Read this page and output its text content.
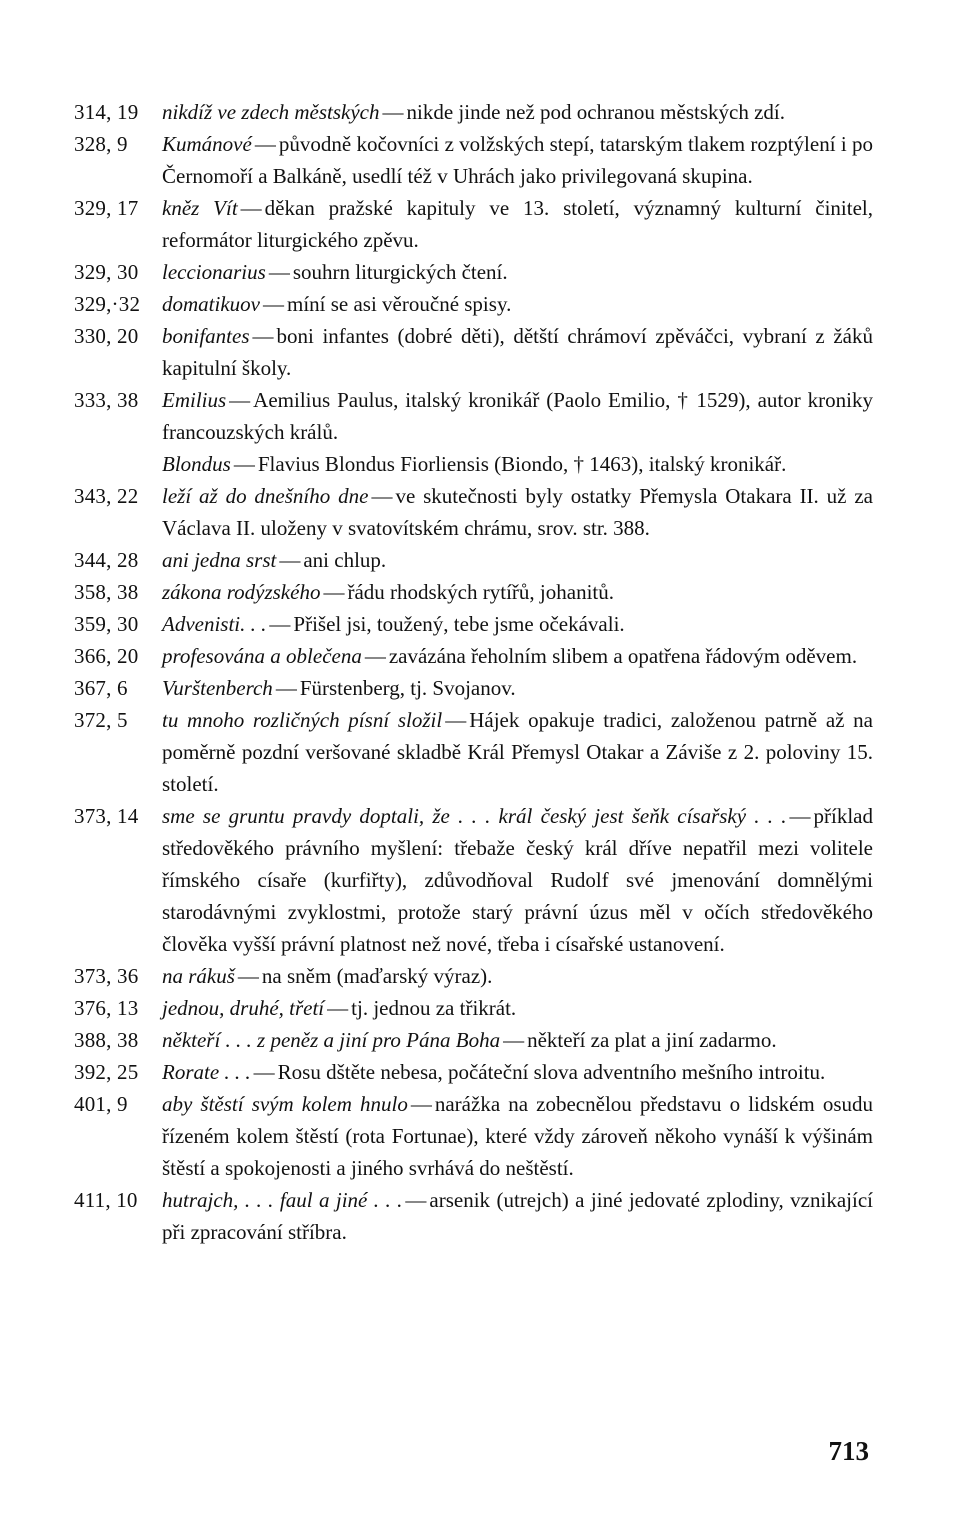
314, 19	nikdíž ve zdech městských — nikde jinde než pod ochranou městských zdí.
328, 9	Kumánové — původně kočovníci z volžských stepí, tatarským tlakem rozptýlení i po Černomoří a Balkáně, usedlí též v Uhrách jako privilegovaná skupina.
329, 17	kněz Vít — děkan pražské kapituly ve 13. století, významný kulturní činitel, reformátor liturgického zpěvu.
329, 30	leccionarius — souhrn liturgických čtení.
329,·32	domatikuov — míní se asi věroučné spisy.
330, 20	bonifantes — boni infantes (dobré děti), dětští chrámoví zpěváčci, vybraní z žáků kapitulní školy.
333, 38	Emilius — Aemilius Paulus, italský kronikář (Paolo Emilio, † 1529), autor kroniky francouzských králů.
Blondus — Flavius Blondus Fiorliensis (Biondo, † 1463), italský kronikář.
343, 22	leží až do dnešního dne — ve skutečnosti byly ostatky Přemysla Otakara II. už za Václava II. uloženy v svatovítském chrámu, srov. str. 388.
344, 28	ani jedna srst — ani chlup.
358, 38	zákona rodýzského — řádu rhodských rytířů, johanitů.
359, 30	Advenisti. . . — Přišel jsi, toužený, tebe jsme očekávali.
366, 20	profesována a oblečena — zavázána řeholním slibem a opatřena řádovým oděvem.
367, 6	Vurštenberch — Fürstenberg, tj. Svojanov.
372, 5	tu mnoho rozličných písní složil — Hájek opakuje tradici, založenou patrně až na poměrně pozdní veršované skladbě Král Přemysl Otakar a Záviše z 2. poloviny 15. století.
373, 14	sme se gruntu pravdy doptali, že . . . král český jest šeňk císařský . . . — příklad středověkého právního myšlení: třebaže český král dříve nepatřil mezi volitele římského císaře (kurfiřty), zdůvodňoval Rudolf své jmenování domnělými starodávnými zvyklostmi, protože starý právní úzus měl v očích středověkého člověka vyšší právní platnost než nové, třeba i císařské ustanovení.
373, 36	na rákuš — na sněm (maďarský výraz).
376, 13	jednou, druhé, třetí — tj. jednou za třikrát.
388, 38	někteří . . . z peněz a jiní pro Pána Boha — někteří za plat a jiní zadarmo.
392, 25	Rorate . . . — Rosu dštěte nebesa, počáteční slova adventního mešního introitu.
401, 9	aby štěstí svým kolem hnulo — narážka na zobecnělou představu o lidském osudu řízeném kolem štěstí (rota Fortunae), které vždy zároveň někoho vynáší k výšinám štěstí a spokojenosti a jiného svrhává do neštěstí.
411, 10	hutrajch, . . . faul a jiné . . . — arsenik (utrejch) a jiné jedovaté zplodiny, vznikající při zpracování stříbra.
713
